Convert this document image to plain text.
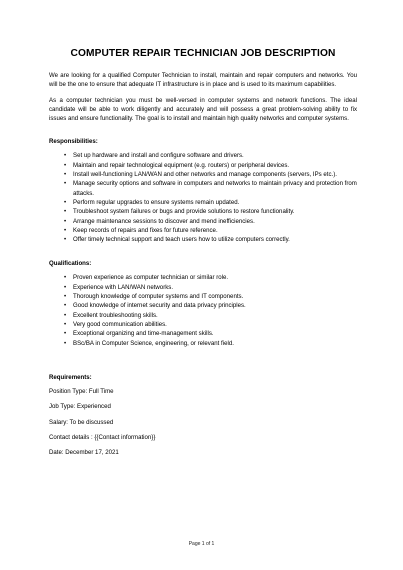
COMPUTER REPAIR TECHNICIAN JOB DESCRIPTION

We are looking for a qualified Computer Technician to install, maintain and repair computers and networks. You will be the one to ensure that adequate IT infrastructure is in place and is used to its maximum capabilities.

As a computer technician you must be well-versed in computer systems and network functions. The ideal candidate will be able to work diligently and accurately and will possess a great problem-solving ability to fix issues and ensure functionality. The goal is to install and maintain high quality networks and computer systems.

Responsibilities:
• Set up hardware and install and configure software and drivers.
• Maintain and repair technological equipment (e.g. routers) or peripheral devices.
• Install well-functioning LAN/WAN and other networks and manage components (servers, IPs etc.).
• Manage security options and software in computers and networks to maintain privacy and protection from attacks.
• Perform regular upgrades to ensure systems remain updated.
• Troubleshoot system failures or bugs and provide solutions to restore functionality.
• Arrange maintenance sessions to discover and mend inefficiencies.
• Keep records of repairs and fixes for future reference.
• Offer timely technical support and teach users how to utilize computers correctly.
Qualifications:
• Proven experience as computer technician or similar role.
• Experience with LAN/WAN networks.
• Thorough knowledge of computer systems and IT components.
• Good knowledge of internet security and data privacy principles.
• Excellent troubleshooting skills.
• Very good communication abilities.
• Exceptional organizing and time-management skills.
• BSc/BA in Computer Science, engineering, or relevant field.
Requirements:
Position Type: Full Time
Job Type: Experienced
Salary: To be discussed
Contact details : {{Contact information}}
Date: December 17, 2021
Page 1 of 1
